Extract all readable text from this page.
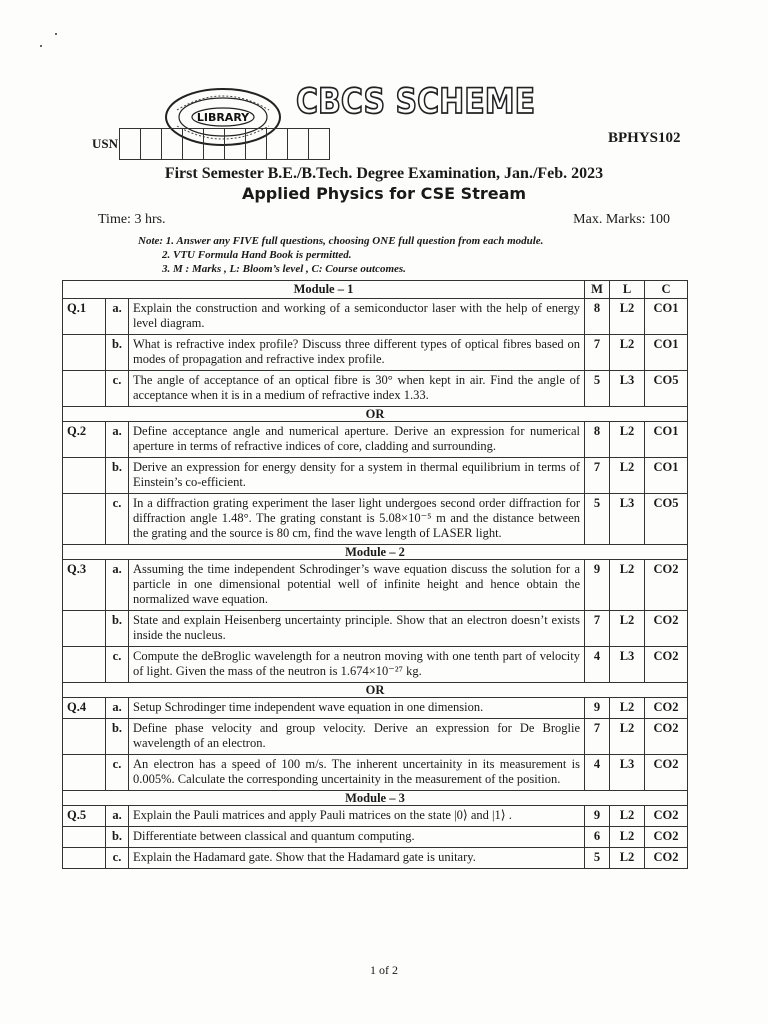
LIBRARY CBCS SCHEME
USN	BPHYS102
First Semester B.E./B.Tech. Degree Examination, Jan./Feb. 2023
Applied Physics for CSE Stream
Time: 3 hrs.	Max. Marks: 100
Note: 1. Answer any FIVE full questions, choosing ONE full question from each module.
2. VTU Formula Hand Book is permitted.
3. M : Marks , L: Bloom’s level , C: Course outcomes.
Module – 1			M	L	C
Q.1	a.	Explain the construction and working of a semiconductor laser with the help of energy level diagram.	8	L2	CO1
	b.	What is refractive index profile? Discuss three different types of optical fibres based on modes of propagation and refractive index profile.	7	L2	CO1
	c.	The angle of acceptance of an optical fibre is 30° when kept in air. Find the angle of acceptance when it is in a medium of refractive index 1.33.	5	L3	CO5
OR					
Q.2	a.	Define acceptance angle and numerical aperture. Derive an expression for numerical aperture in terms of refractive indices of core, cladding and surrounding.	8	L2	CO1
	b.	Derive an expression for energy density for a system in thermal equilibrium in terms of Einstein’s co-efficient.	7	L2	CO1
	c.	In a diffraction grating experiment the laser light undergoes second order diffraction for diffraction angle 1.48°. The grating constant is 5.08×10⁻⁵ m and the distance between the grating and the source is 80 cm, find the wave length of LASER light.	5	L3	CO5
Module – 2					
Q.3	a.	Assuming the time independent Schrodinger’s wave equation discuss the solution for a particle in one dimensional potential well of infinite height and hence obtain the normalized wave equation.	9	L2	CO2
	b.	State and explain Heisenberg uncertainty principle. Show that an electron doesn’t exists inside the nucleus.	7	L2	CO2
	c.	Compute the deBroglic wavelength for a neutron moving with one tenth part of velocity of light. Given the mass of the neutron is 1.674×10⁻²⁷ kg.	4	L3	CO2
OR					
Q.4	a.	Setup Schrodinger time independent wave equation in one dimension.	9	L2	CO2
	b.	Define phase velocity and group velocity. Derive an expression for De Broglie wavelength of an electron.	7	L2	CO2
	c.	An electron has a speed of 100 m/s. The inherent uncertainity in its measurement is 0.005%. Calculate the corresponding uncertainity in the measurement of the position.	4	L3	CO2
Module – 3					
Q.5	a.	Explain the Pauli matrices and apply Pauli matrices on the state |0⟩ and |1⟩ .	9	L2	CO2
	b.	Differentiate between classical and quantum computing.	6	L2	CO2
	c.	Explain the Hadamard gate. Show that the Hadamard gate is unitary.	5	L2	CO2
1 of 2
